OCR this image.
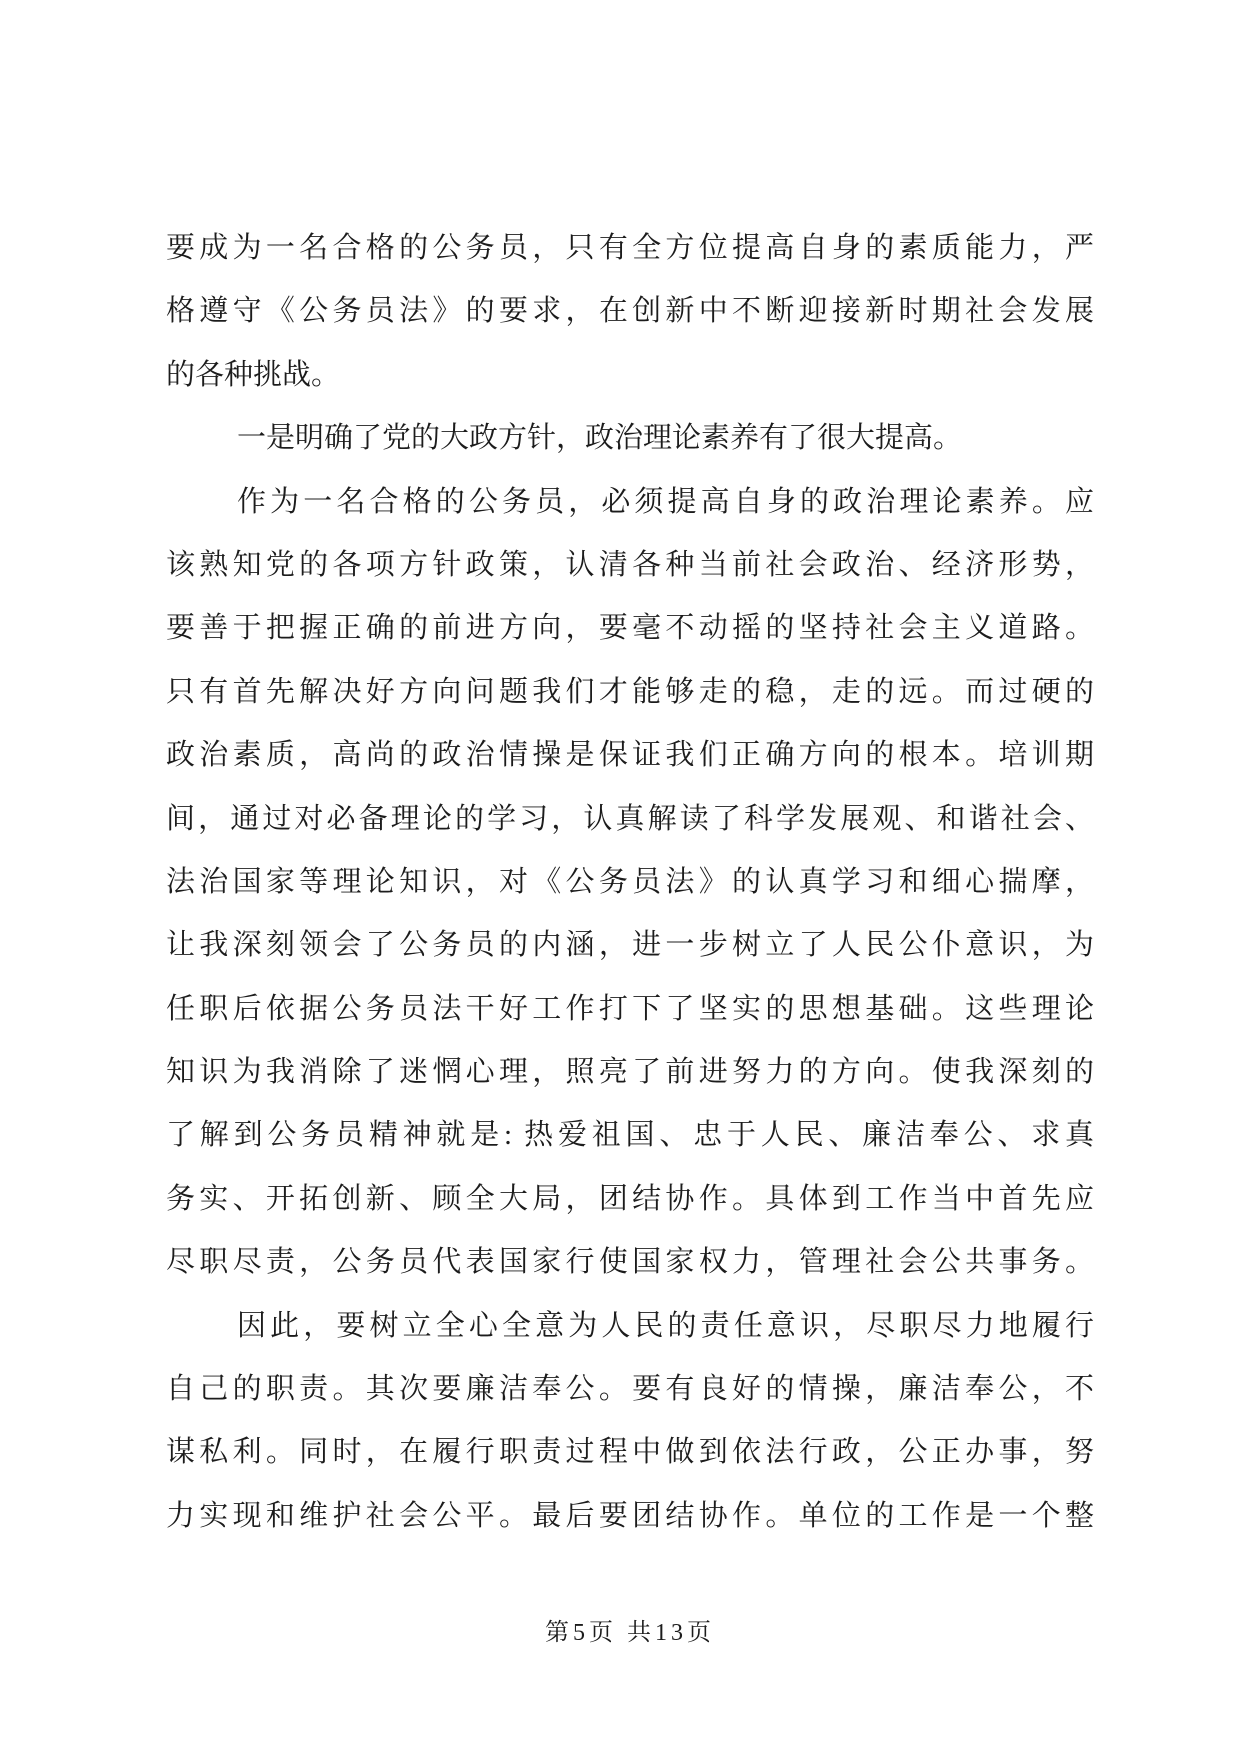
要成为一名合格的公务员，只有全方位提高自身的素质能力，严
格遵守《公务员法》的要求，在创新中不断迎接新时期社会发展
的各种挑战。
一是明确了党的大政方针，政治理论素养有了很大提高。
作为一名合格的公务员，必须提高自身的政治理论素养。应
该熟知党的各项方针政策，认清各种当前社会政治、经济形势，
要善于把握正确的前进方向，要毫不动摇的坚持社会主义道路。
只有首先解决好方向问题我们才能够走的稳，走的远。而过硬的
政治素质，高尚的政治情操是保证我们正确方向的根本。培训期
间，通过对必备理论的学习，认真解读了科学发展观、和谐社会、
法治国家等理论知识，对《公务员法》的认真学习和细心揣摩，
让我深刻领会了公务员的内涵，进一步树立了人民公仆意识，为
任职后依据公务员法干好工作打下了坚实的思想基础。这些理论
知识为我消除了迷惘心理，照亮了前进努力的方向。使我深刻的
了解到公务员精神就是: 热爱祖国、忠于人民、廉洁奉公、求真
务实、开拓创新、顾全大局，团结协作。具体到工作当中首先应
尽职尽责，公务员代表国家行使国家权力，管理社会公共事务。
因此，要树立全心全意为人民的责任意识，尽职尽力地履行
自己的职责。其次要廉洁奉公。要有良好的情操，廉洁奉公，不
谋私利。同时，在履行职责过程中做到依法行政，公正办事，努
力实现和维护社会公平。最后要团结协作。单位的工作是一个整
第5页 共13页
